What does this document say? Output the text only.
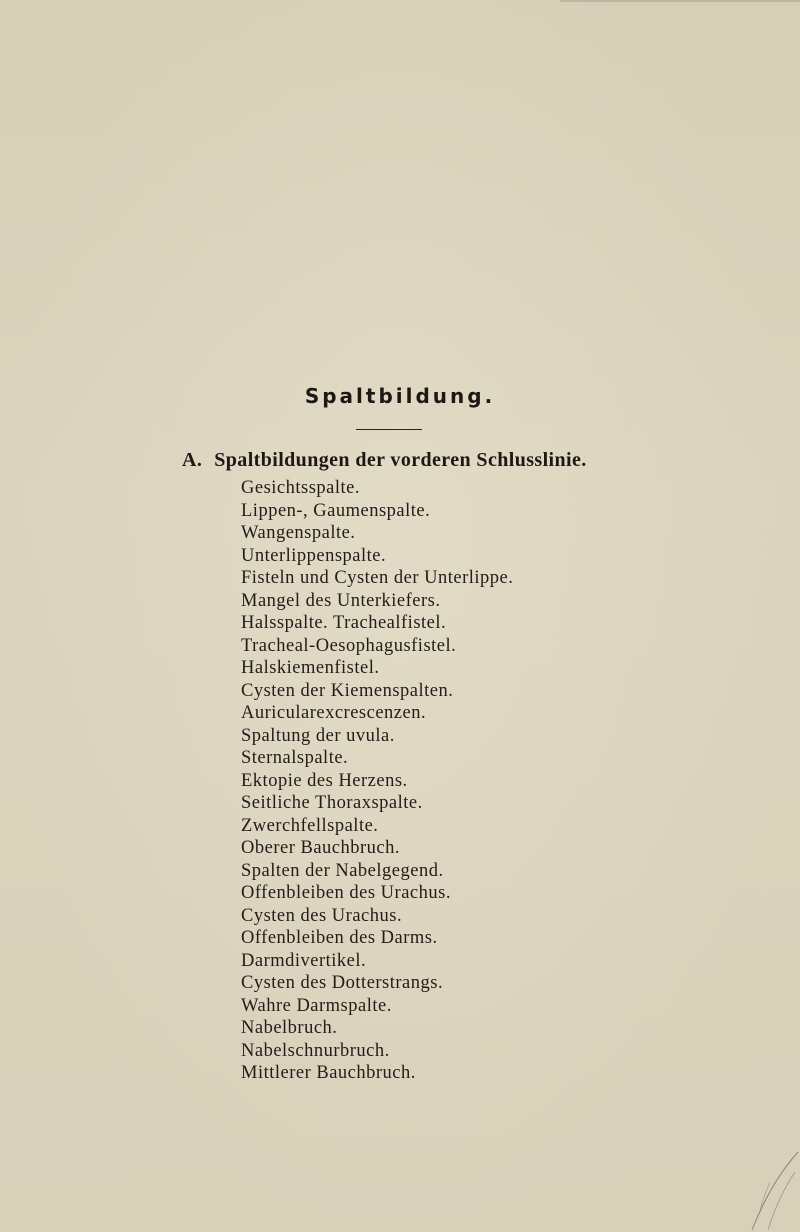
Spaltbildung.
A. Spaltbildungen der vorderen Schlusslinie.
Gesichtsspalte.
Lippen-, Gaumenspalte.
Wangenspalte.
Unterlippenspalte.
Fisteln und Cysten der Unterlippe.
Mangel des Unterkiefers.
Halsspalte. Trachealfistel.
Tracheal-Oesophagusfistel.
Halskiemenfistel.
Cysten der Kiemenspalten.
Auricularexcrescenzen.
Spaltung der uvula.
Sternalspalte.
Ektopie des Herzens.
Seitliche Thoraxspalte.
Zwerchfellspalte.
Oberer Bauchbruch.
Spalten der Nabelgegend.
Offenbleiben des Urachus.
Cysten des Urachus.
Offenbleiben des Darms.
Darmdivertikel.
Cysten des Dotterstrangs.
Wahre Darmspalte.
Nabelbruch.
Nabelschnurbruch.
Mittlerer Bauchbruch.
